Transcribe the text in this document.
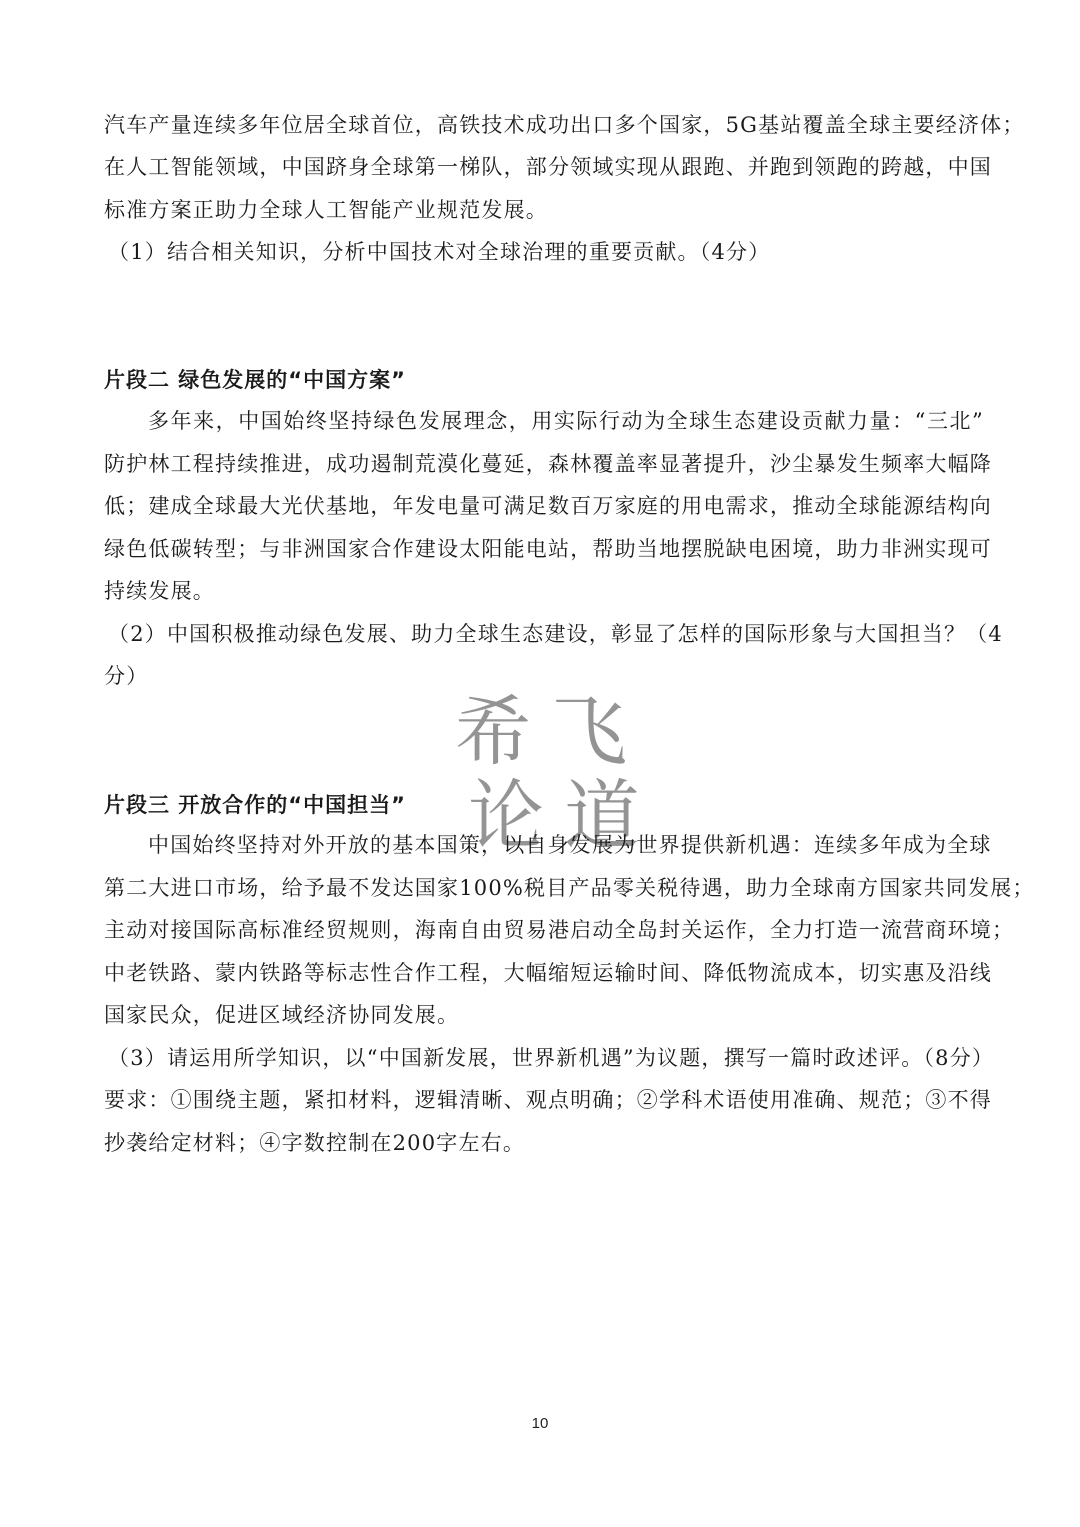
汽车产量连续多年位居全球首位，高铁技术成功出口多个国家，5G基站覆盖全球主要经济体；
在人工智能领域，中国跻身全球第一梯队，部分领域实现从跟跑、并跑到领跑的跨越，中国
标准方案正助力全球人工智能产业规范发展。
（1）结合相关知识，分析中国技术对全球治理的重要贡献。（4分）
片段二 绿色发展的“中国方案”
多年来，中国始终坚持绿色发展理念，用实际行动为全球生态建设贡献力量：“三北”
防护林工程持续推进，成功遏制荒漠化蔓延，森林覆盖率显著提升，沙尘暴发生频率大幅降
低；建成全球最大光伏基地，年发电量可满足数百万家庭的用电需求，推动全球能源结构向
绿色低碳转型；与非洲国家合作建设太阳能电站，帮助当地摆脱缺电困境，助力非洲实现可
持续发展。
（2）中国积极推动绿色发展、助力全球生态建设，彰显了怎样的国际形象与大国担当？（4
分）
希飞
论道
片段三 开放合作的“中国担当”
中国始终坚持对外开放的基本国策，以自身发展为世界提供新机遇：连续多年成为全球
第二大进口市场，给予最不发达国家100%税目产品零关税待遇，助力全球南方国家共同发展；
主动对接国际高标准经贸规则，海南自由贸易港启动全岛封关运作，全力打造一流营商环境；
中老铁路、蒙内铁路等标志性合作工程，大幅缩短运输时间、降低物流成本，切实惠及沿线
国家民众，促进区域经济协同发展。
（3）请运用所学知识，以“中国新发展，世界新机遇”为议题，撰写一篇时政述评。（8分）
要求：①围绕主题，紧扣材料，逻辑清晰、观点明确；②学科术语使用准确、规范；③不得
抄袭给定材料；④字数控制在200字左右。
10
